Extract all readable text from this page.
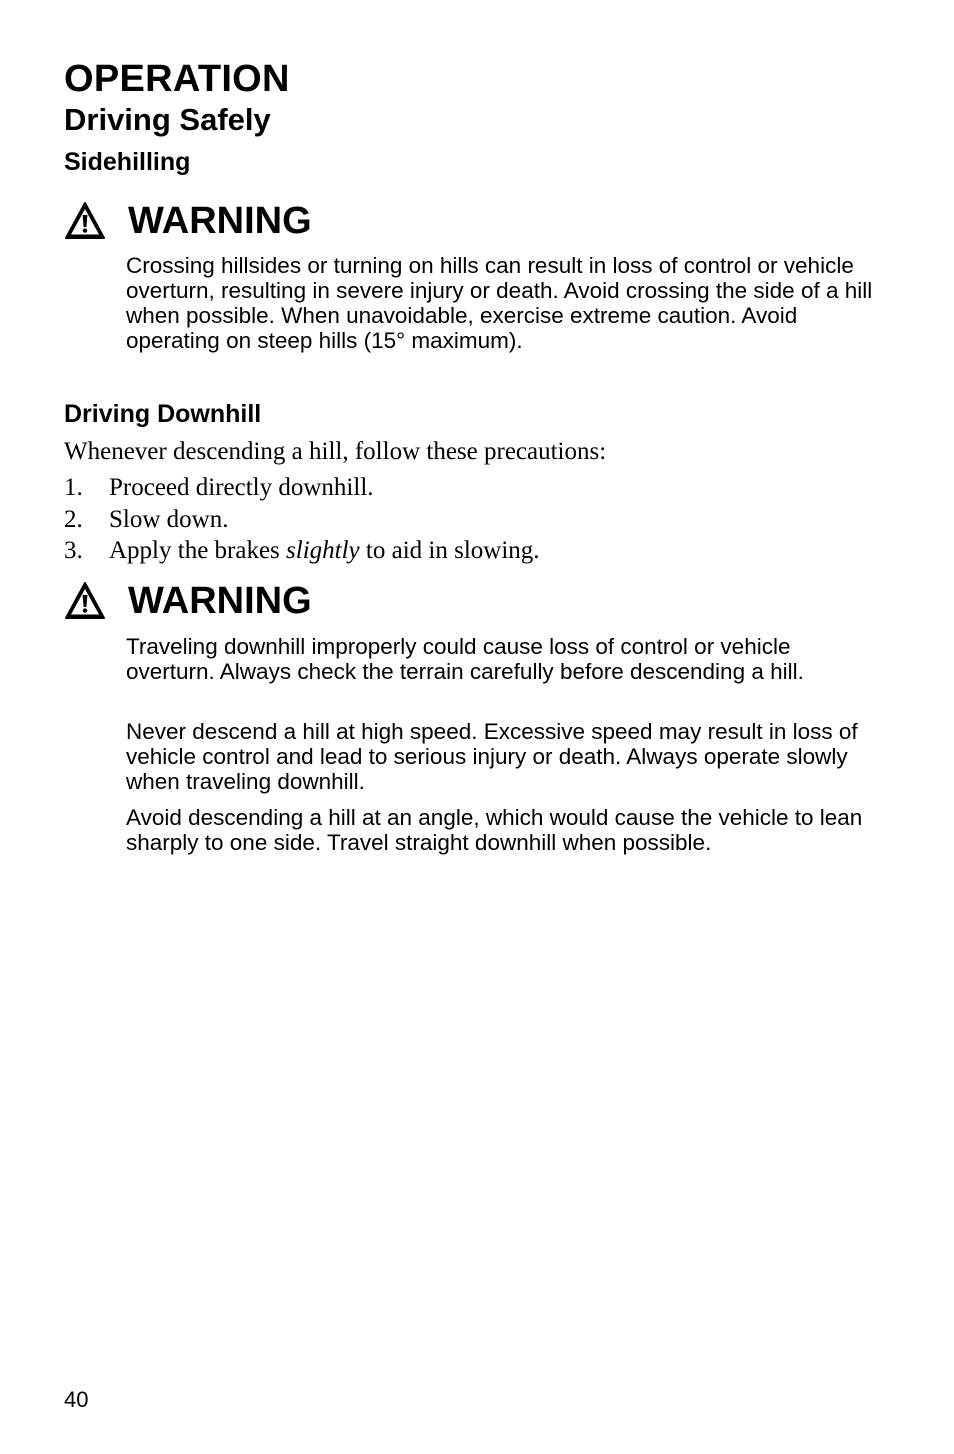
OPERATION
Driving Safely
Sidehilling
WARNING

Crossing hillsides or turning on hills can result in loss of control or vehicle overturn, resulting in severe injury or death. Avoid crossing the side of a hill when possible. When unavoidable, exercise extreme caution. Avoid operating on steep hills (15° maximum).

Driving Downhill

Whenever descending a hill, follow these precautions:

1.	Proceed directly downhill.
2.	Slow down.
3.	Apply the brakes slightly to aid in slowing.
WARNING

Traveling downhill improperly could cause loss of control or vehicle overturn. Always check the terrain carefully before descending a hill.

Never descend a hill at high speed. Excessive speed may result in loss of vehicle control and lead to serious injury or death. Always operate slowly when traveling downhill.

Avoid descending a hill at an angle, which would cause the vehicle to lean sharply to one side. Travel straight downhill when possible.

40
